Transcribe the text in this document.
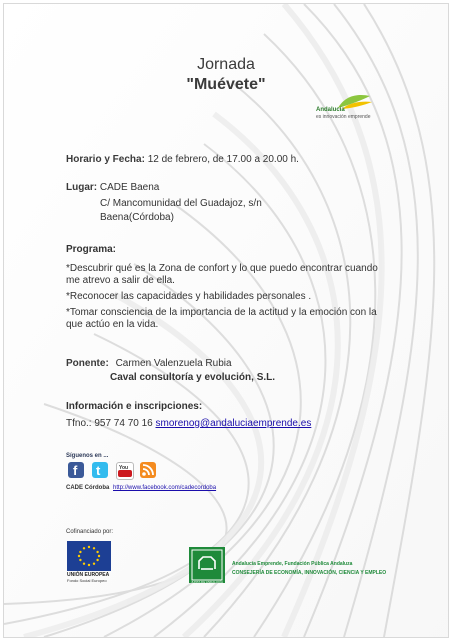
Jornada
"Muévete"
Andalucía
es innovación emprende
Horario y Fecha: 12 de febrero, de 17.00 a 20.00 h.
Lugar: CADE Baena
C/ Mancomunidad del Guadajoz, s/n
Baena(Córdoba)
Programa:
*Descubrir qué es la Zona de confort y lo que puedo encontrar cuando me atrevo a salir de ella.
*Reconocer las capacidades y habilidades personales .
*Tomar consciencia de la importancia de la actitud y la emoción con la que actúo en la vida.
Ponente: Carmen Valenzuela Rubia
Caval consultoría y evolución, S.L.
Información e inscripciones:
Tfno.: 957 74 70 16 smorenog@andaluciaemprende.es
Síguenos en ...
f t	You
CADE Córdoba http://www.facebook.com/cadecordoba
Cofinanciado por:
UNIÓN EUROPEA
Fondo Social Europeo	JUNTA DE ANDALUCÍA
Andalucía Emprende, Fundación Pública Andaluza
CONSEJERÍA DE ECONOMÍA, INNOVACIÓN, CIENCIA Y EMPLEO
